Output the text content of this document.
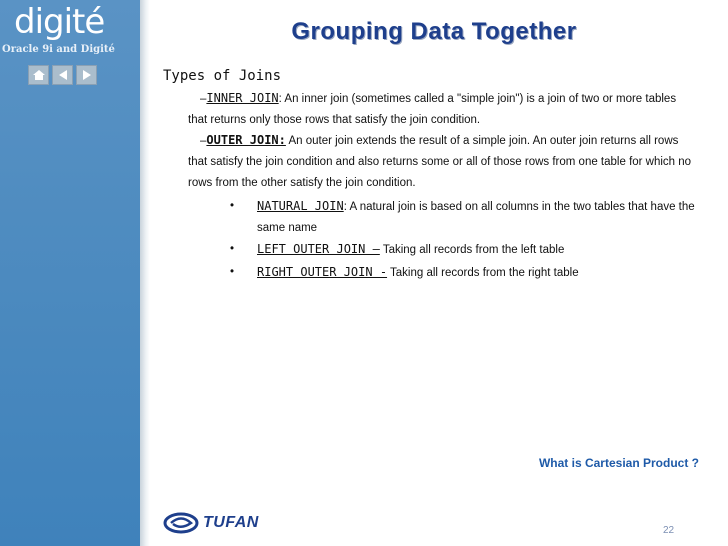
digité
Oracle 9i and Digité
Grouping Data Together
Types of Joins
–INNER JOIN: An inner join (sometimes called a "simple join") is a join of two or more tables that returns only those rows that satisfy the join condition.
–OUTER JOIN: An outer join extends the result of a simple join. An outer join returns all rows that satisfy the join condition and also returns some or all of those rows from one table for which no rows from the other satisfy the join condition.
•	NATURAL JOIN: A natural join is based on all columns in the two tables that have the same name
•	LEFT OUTER JOIN – Taking all records from the left table
•	RIGHT OUTER JOIN - Taking all records from the right table
What is Cartesian Product ?
TUFAN	22
